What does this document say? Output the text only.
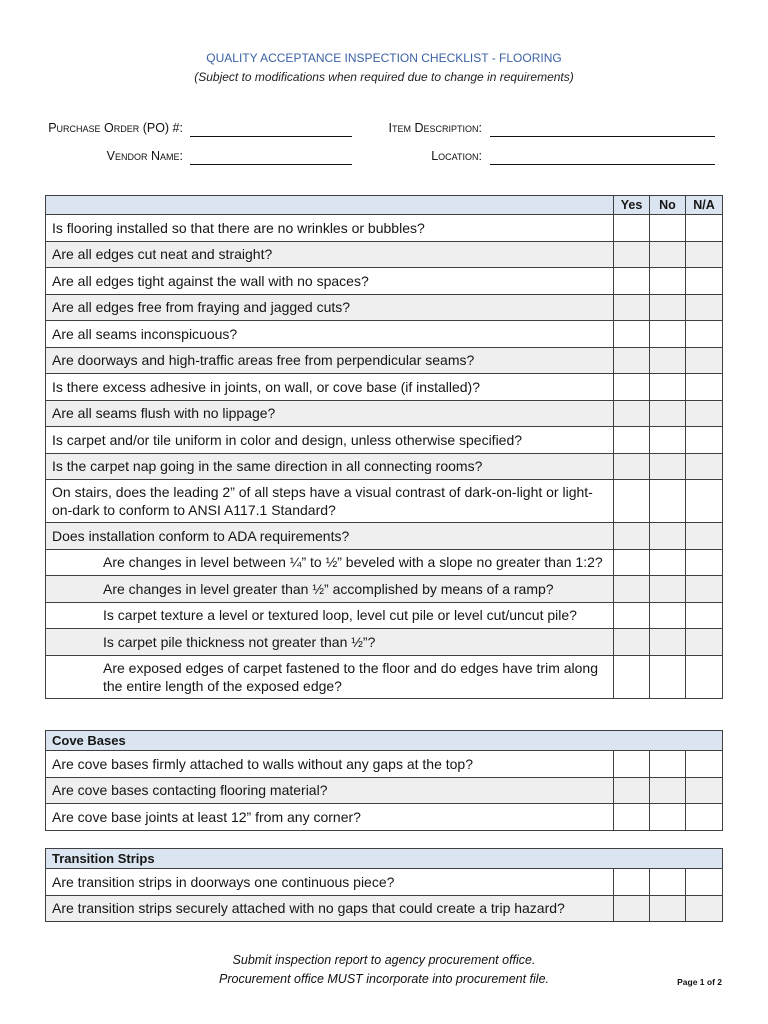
QUALITY ACCEPTANCE INSPECTION CHECKLIST - FLOORING
(Subject to modifications when required due to change in requirements)
Purchase Order (PO) #:
Vendor Name:
Item Description:
Location:
Yes	No	N/A
Is flooring installed so that there are no wrinkles or bubbles?
Are all edges cut neat and straight?
Are all edges tight against the wall with no spaces?
Are all edges free from fraying and jagged cuts?
Are all seams inconspicuous?
Are doorways and high-traffic areas free from perpendicular seams?
Is there excess adhesive in joints, on wall, or cove base (if installed)?
Are all seams flush with no lippage?
Is carpet and/or tile uniform in color and design, unless otherwise specified?
Is the carpet nap going in the same direction in all connecting rooms?
On stairs, does the leading 2” of all steps have a visual contrast of dark-on-light or light-on-dark to conform to ANSI A117.1 Standard?
Does installation conform to ADA requirements?
Are changes in level between ¼” to ½” beveled with a slope no greater than 1:2?
Are changes in level greater than ½” accomplished by means of a ramp?
Is carpet texture a level or textured loop, level cut pile or level cut/uncut pile?
Is carpet pile thickness not greater than ½”?
Are exposed edges of carpet fastened to the floor and do edges have trim along the entire length of the exposed edge?
Cove Bases
Are cove bases firmly attached to walls without any gaps at the top?
Are cove bases contacting flooring material?
Are cove base joints at least 12” from any corner?
Transition Strips
Are transition strips in doorways one continuous piece?
Are transition strips securely attached with no gaps that could create a trip hazard?
Submit inspection report to agency procurement office.
Procurement office MUST incorporate into procurement file.	Page 1 of 2
